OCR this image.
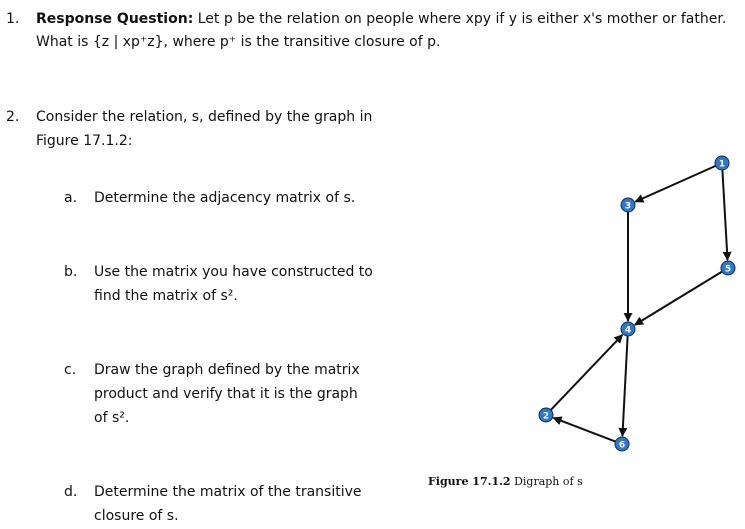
1. Response Question: Let p be the relation on people where xpy if y is either x's mother or father.
What is {z | xp⁺z}, where p⁺ is the transitive closure of p.
2. Consider the relation, s, defined by the graph in
Figure 17.1.2:
a. Determine the adjacency matrix of s.
b. Use the matrix you have constructed to
find the matrix of s².
c. Draw the graph defined by the matrix
product and verify that it is the graph
of s².
d. Determine the matrix of the transitive
closure of s.
Figure 17.1.2 Digraph of s
1
2
3
4
5
6
